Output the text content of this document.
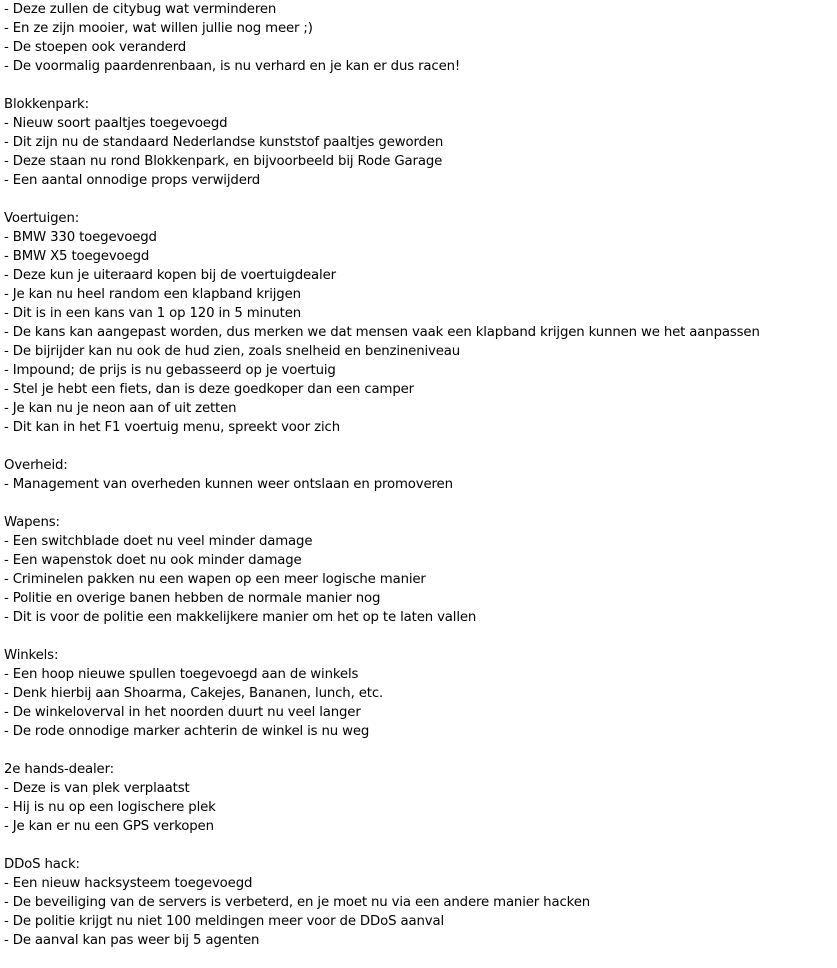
- Deze zullen de citybug wat verminderen
- En ze zijn mooier, wat willen jullie nog meer ;)
- De stoepen ook veranderd
- De voormalig paardenrenbaan, is nu verhard en je kan er dus racen!
Blokkenpark:
- Nieuw soort paaltjes toegevoegd
- Dit zijn nu de standaard Nederlandse kunststof paaltjes geworden
- Deze staan nu rond Blokkenpark, en bijvoorbeeld bij Rode Garage
- Een aantal onnodige props verwijderd
Voertuigen:
- BMW 330 toegevoegd
- BMW X5 toegevoegd
- Deze kun je uiteraard kopen bij de voertuigdealer
- Je kan nu heel random een klapband krijgen
- Dit is in een kans van 1 op 120 in 5 minuten
- De kans kan aangepast worden, dus merken we dat mensen vaak een klapband krijgen kunnen we het aanpassen
- De bijrijder kan nu ook de hud zien, zoals snelheid en benzineniveau
- Impound; de prijs is nu gebasseerd op je voertuig
- Stel je hebt een fiets, dan is deze goedkoper dan een camper
- Je kan nu je neon aan of uit zetten
- Dit kan in het F1 voertuig menu, spreekt voor zich
Overheid:
- Management van overheden kunnen weer ontslaan en promoveren
Wapens:
- Een switchblade doet nu veel minder damage
- Een wapenstok doet nu ook minder damage
- Criminelen pakken nu een wapen op een meer logische manier
- Politie en overige banen hebben de normale manier nog
- Dit is voor de politie een makkelijkere manier om het op te laten vallen
Winkels:
- Een hoop nieuwe spullen toegevoegd aan de winkels
- Denk hierbij aan Shoarma, Cakejes, Bananen, lunch, etc.
- De winkeloverval in het noorden duurt nu veel langer
- De rode onnodige marker achterin de winkel is nu weg
2e hands-dealer:
- Deze is van plek verplaatst
- Hij is nu op een logischere plek
- Je kan er nu een GPS verkopen
DDoS hack:
- Een nieuw hacksysteem toegevoegd
- De beveiliging van de servers is verbeterd, en je moet nu via een andere manier hacken
- De politie krijgt nu niet 100 meldingen meer voor de DDoS aanval
- De aanval kan pas weer bij 5 agenten
